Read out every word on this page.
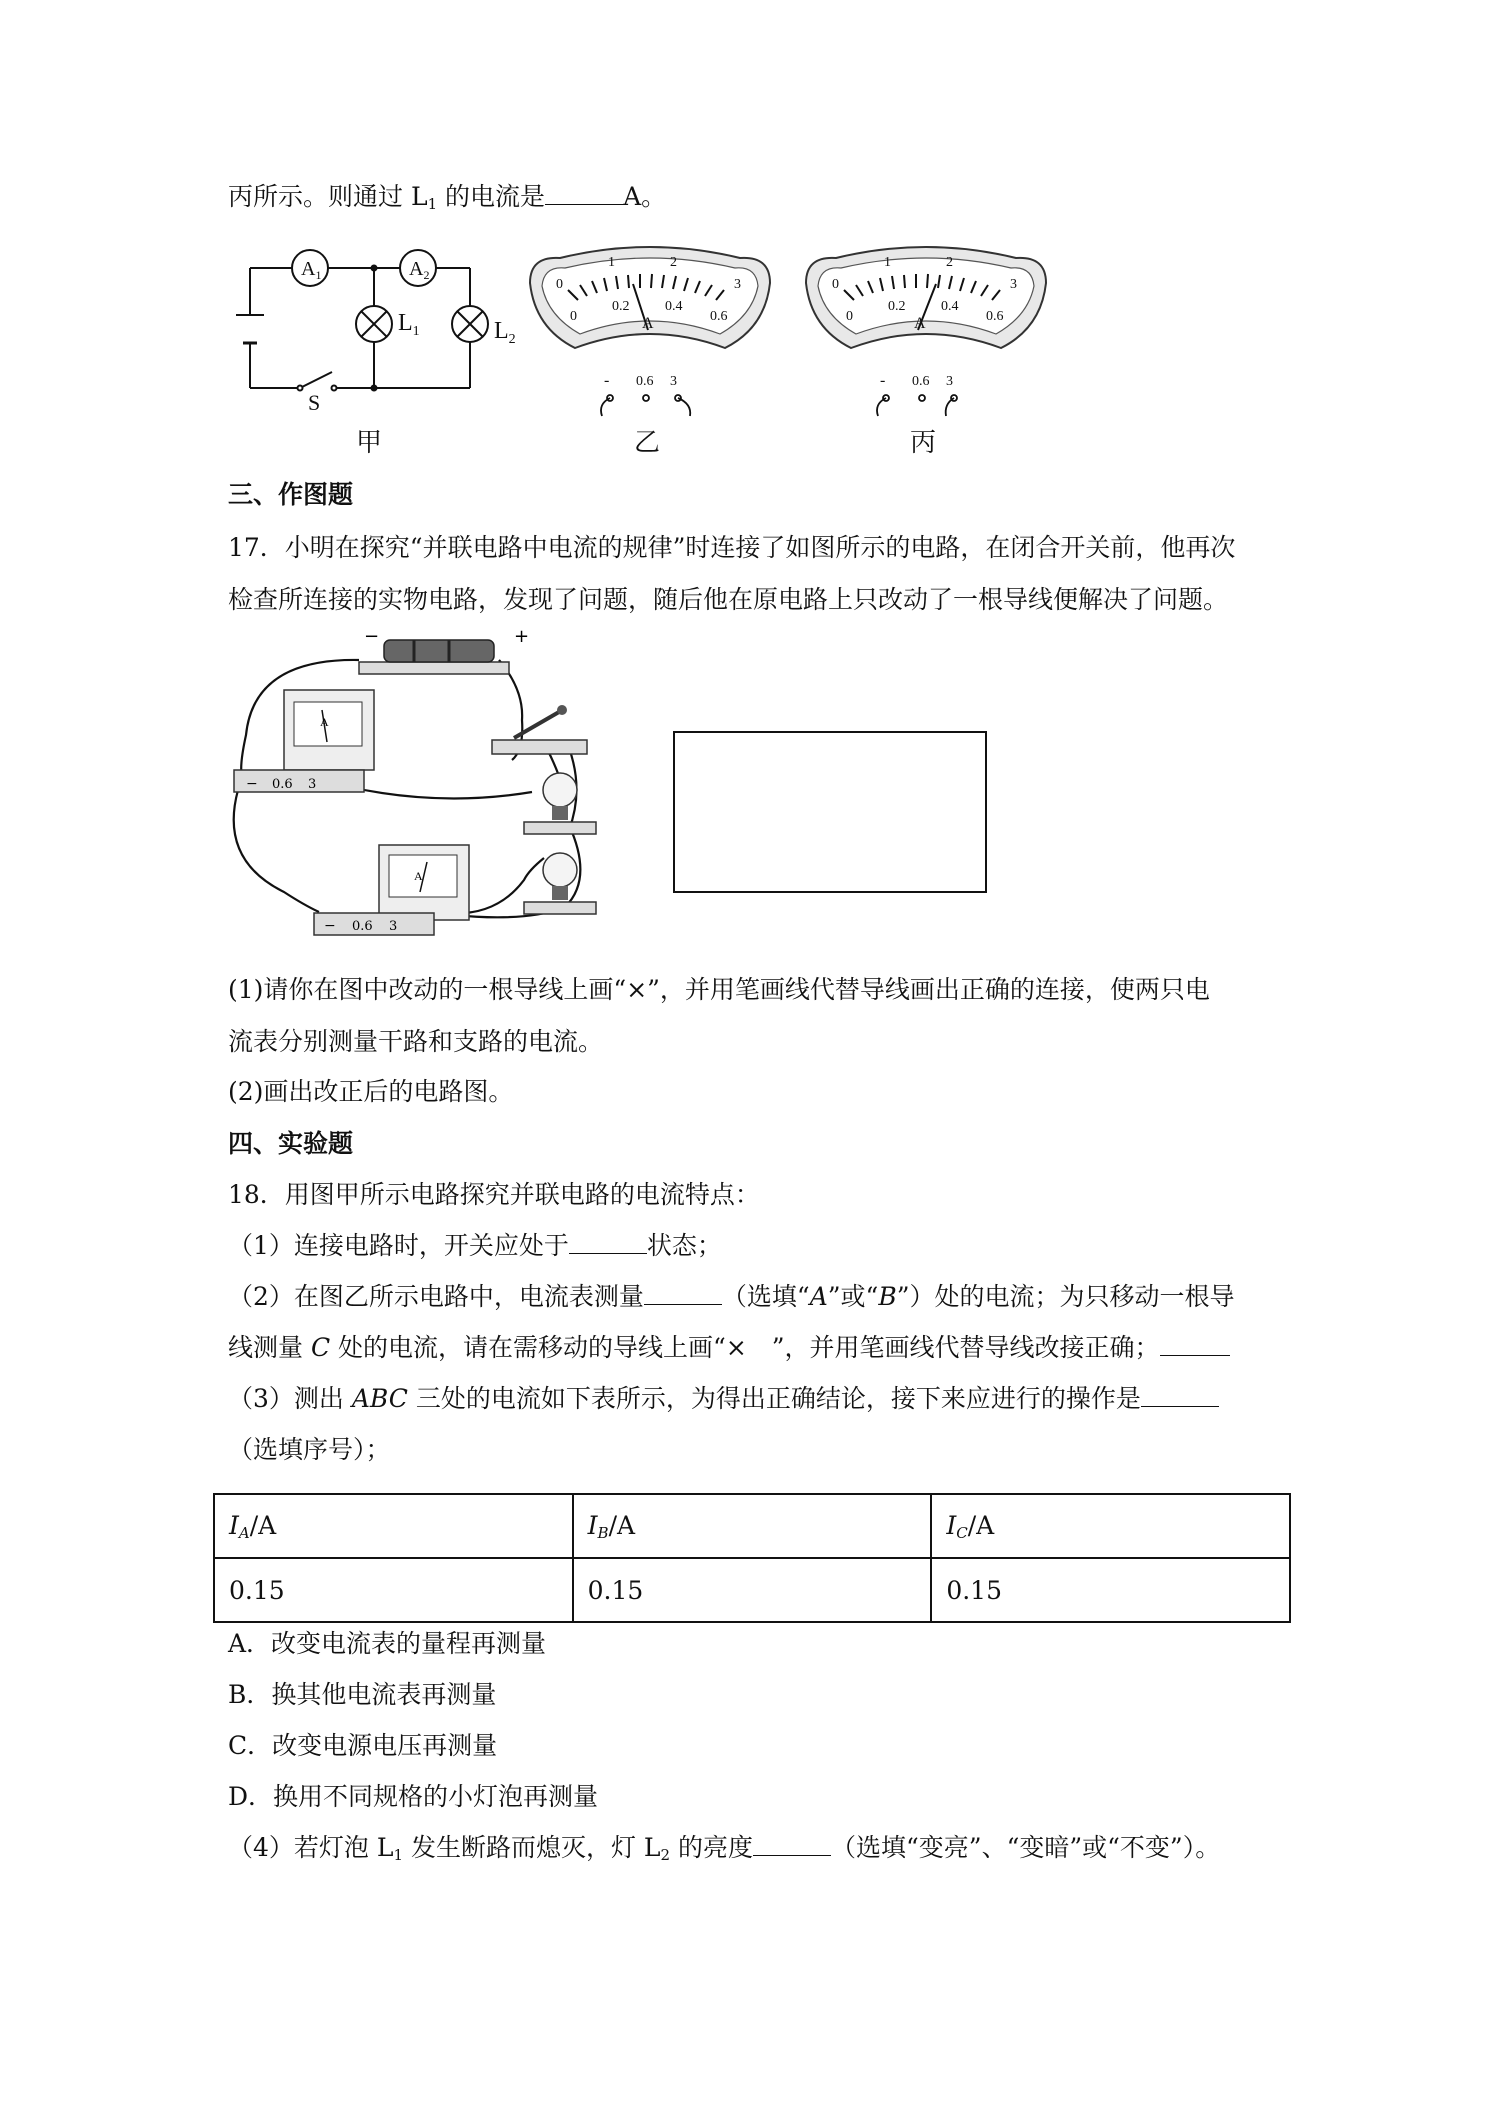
丙所示。则通过 $L_1$ 的电流是	A。
$A_1$	$A_2$
$L_1$	$L_2$
S
甲
0
1	2
3
0
0.2	0.4
0.6
A
- 0.6 3
乙
0
1	2
3
0
0.2	0.4
0.6
A
- 0.6 3
丙
三、作图题
17．小明在探究“并联电路中电流的规律”时连接了如图所示的电路，在闭合开关前，他再次
检查所连接的实物电路，发现了问题，随后他在原电路上只改动了一根导线便解决了问题。
−	+
A
− 0.6 3
A
− 0.6 3
(1)请你在图中改动的一根导线上画“×”，并用笔画线代替导线画出正确的连接，使两只电
流表分别测量干路和支路的电流。
(2)画出改正后的电路图。
四、实验题
18．用图甲所示电路探究并联电路的电流特点：
（1）连接电路时，开关应处于	状态；
（2）在图乙所示电路中，电流表测量	（选填“A”或“B”）处的电流；为只移动一根导
线测量 C 处的电流，请在需移动的导线上画“×　”，并用笔画线代替导线改接正确；
（3）测出 ABC 三处的电流如下表所示，为得出正确结论，接下来应进行的操作是
（选填序号）；
$I_A/A$	$I_B/A$	$I_C/A$
0.15	0.15	0.15
A．改变电流表的量程再测量
B．换其他电流表再测量
C．改变电源电压再测量
D．换用不同规格的小灯泡再测量
（4）若灯泡 $L_1$ 发生断路而熄灭，灯 $L_2$ 的亮度	（选填“变亮”、“变暗”或“不变”）。
